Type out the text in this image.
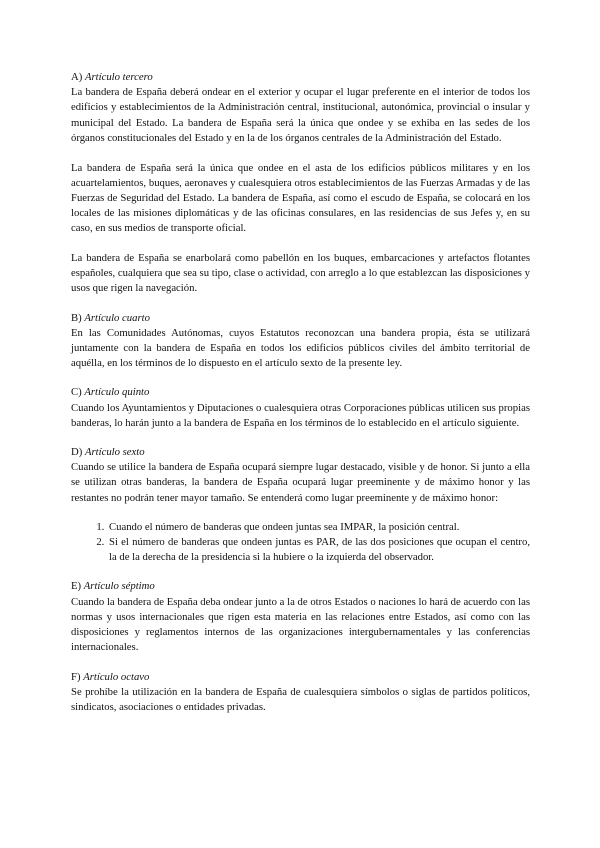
A) Artículo tercero

La bandera de España deberá ondear en el exterior y ocupar el lugar preferente en el interior de todos los edificios y establecimientos de la Administración central, institucional, autonómica, provincial o insular y municipal del Estado. La bandera de España será la única que ondee y se exhiba en las sedes de los órganos constitucionales del Estado y en la de los órganos centrales de la Administración del Estado.

La bandera de España será la única que ondee en el asta de los edificios públicos militares y en los acuartelamientos, buques, aeronaves y cualesquiera otros establecimientos de las Fuerzas Armadas y de las Fuerzas de Seguridad del Estado. La bandera de España, así como el escudo de España, se colocará en los locales de las misiones diplomáticas y de las oficinas consulares, en las residencias de sus Jefes y, en su caso, en sus medios de transporte oficial.

La bandera de España se enarbolará como pabellón en los buques, embarcaciones y artefactos flotantes españoles, cualquiera que sea su tipo, clase o actividad, con arreglo a lo que establezcan las disposiciones y usos que rigen la navegación.

B) Artículo cuarto

En las Comunidades Autónomas, cuyos Estatutos reconozcan una bandera propia, ésta se utilizará juntamente con la bandera de España en todos los edificios públicos civiles del ámbito territorial de aquélla, en los términos de lo dispuesto en el artículo sexto de la presente ley.

C) Artículo quinto

Cuando los Ayuntamientos y Diputaciones o cualesquiera otras Corporaciones públicas utilicen sus propias banderas, lo harán junto a la bandera de España en los términos de lo establecido en el artículo siguiente.

D) Artículo sexto

Cuando se utilice la bandera de España ocupará siempre lugar destacado, visible y de honor. Si junto a ella se utilizan otras banderas, la bandera de España ocupará lugar preeminente y de máximo honor y las restantes no podrán tener mayor tamaño. Se entenderá como lugar preeminente y de máximo honor:

1. Cuando el número de banderas que ondeen juntas sea IMPAR, la posición central.
2. Si el número de banderas que ondeen juntas es PAR, de las dos posiciones que ocupan el centro, la de la derecha de la presidencia si la hubiere o la izquierda del observador.
E) Artículo séptimo

Cuando la bandera de España deba ondear junto a la de otros Estados o naciones lo hará de acuerdo con las normas y usos internacionales que rigen esta materia en las relaciones entre Estados, así como con las disposiciones y reglamentos internos de las organizaciones intergubernamentales y las conferencias internacionales.

F) Artículo octavo

Se prohíbe la utilización en la bandera de España de cualesquiera símbolos o siglas de partidos políticos, sindicatos, asociaciones o entidades privadas.
